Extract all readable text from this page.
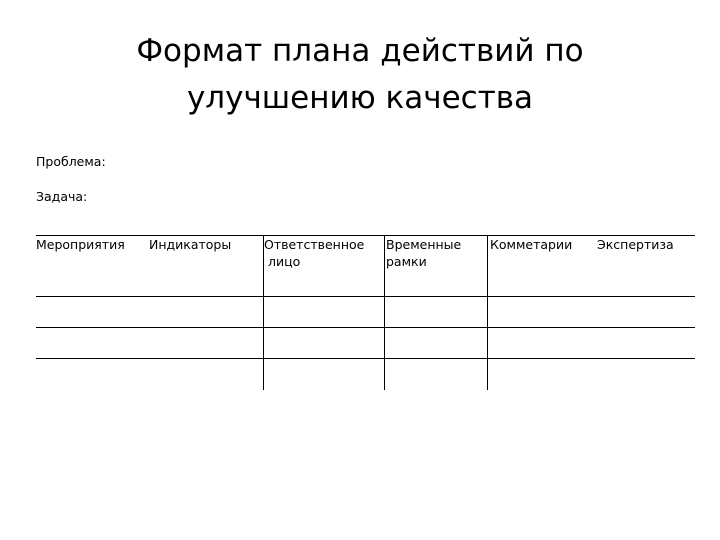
Формат плана действий по улучшению качества
Проблема:
Задача:
Мероприятия Индикаторы	Ответственное
лицо
Временные
рамки
Комметарии Экспертиза
